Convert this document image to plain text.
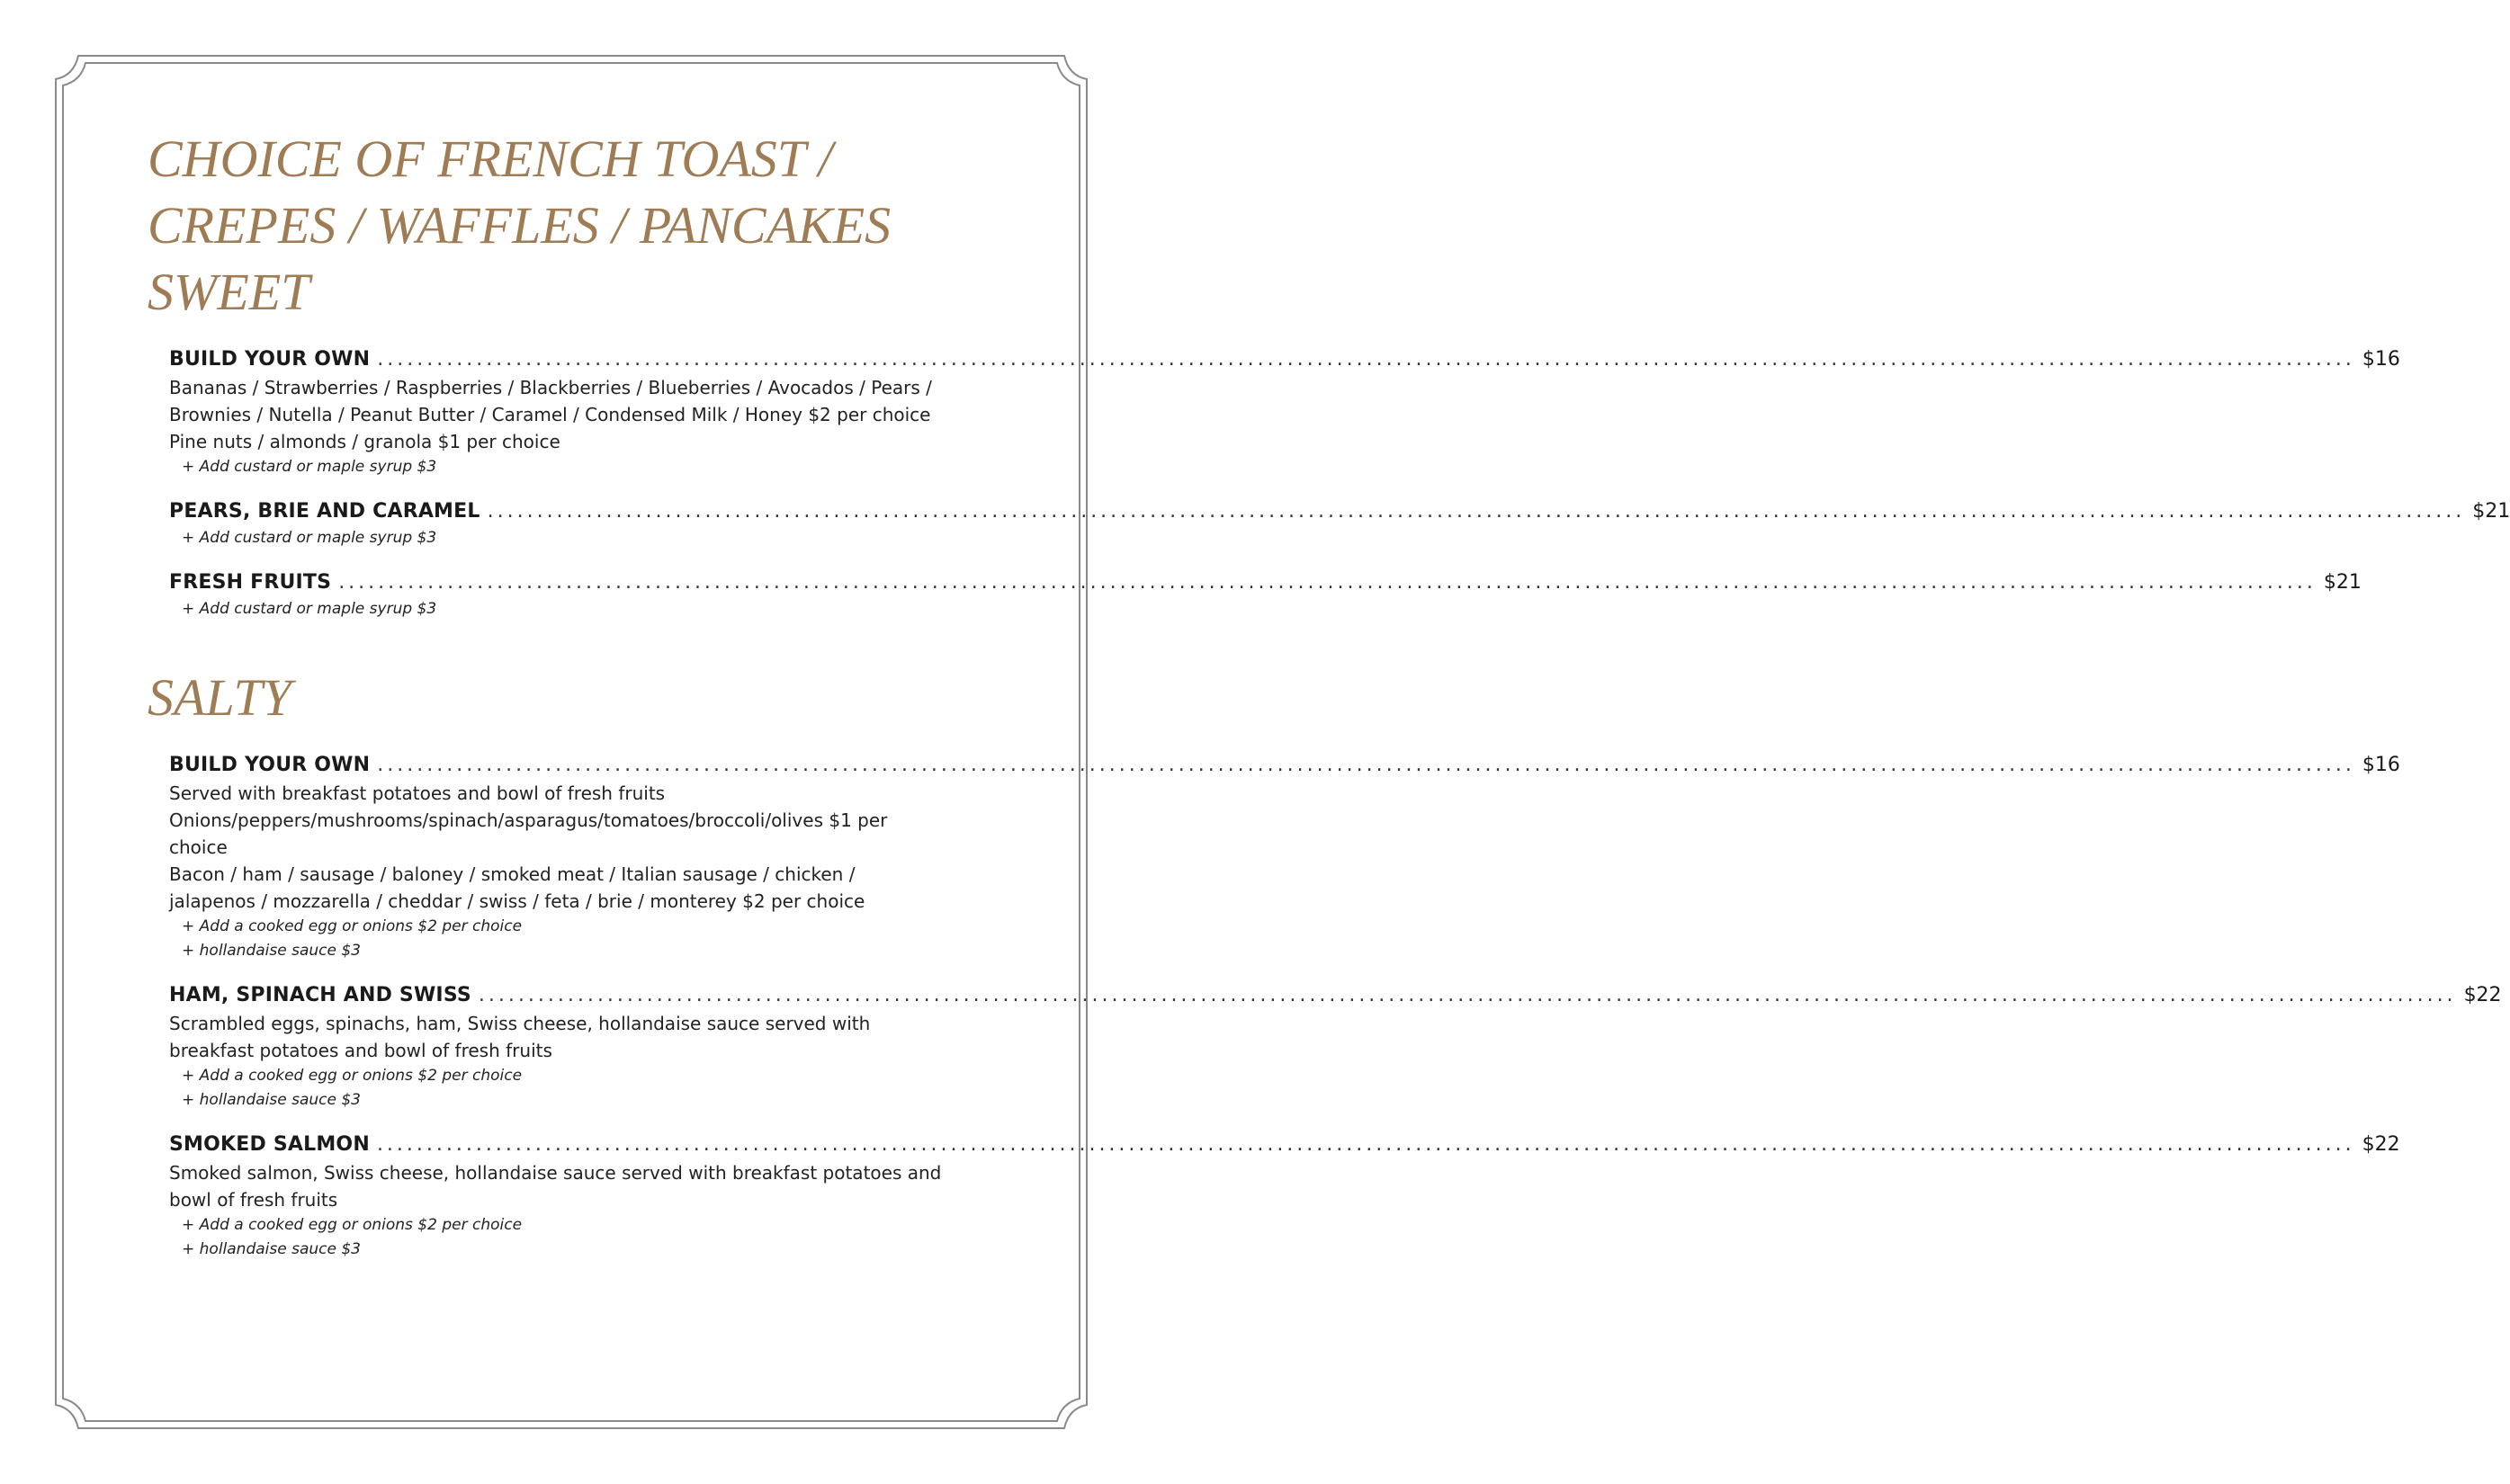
CHOICE OF FRENCH TOAST /
CREPES / WAFFLES / PANCAKES
SWEET
BUILD YOUR OWN ........................................................................................................................................................................................................ $16
Bananas / Strawberries / Raspberries / Blackberries / Blueberries / Avocados / Pears /
Brownies / Nutella / Peanut Butter / Caramel / Condensed Milk / Honey $2 per choice
Pine nuts / almonds / granola $1 per choice
+ Add custard or maple syrup $3
PEARS, BRIE AND CARAMEL ........................................................................................................................................................................................................ $21
+ Add custard or maple syrup $3
FRESH FRUITS ........................................................................................................................................................................................................ $21
+ Add custard or maple syrup $3
SALTY
BUILD YOUR OWN ........................................................................................................................................................................................................ $16
Served with breakfast potatoes and bowl of fresh fruits
Onions/peppers/mushrooms/spinach/asparagus/tomatoes/broccoli/olives $1 per
choice
Bacon / ham / sausage / baloney / smoked meat / Italian sausage / chicken /
jalapenos / mozzarella / cheddar / swiss / feta / brie / monterey $2 per choice
+ Add a cooked egg or onions $2 per choice
+ hollandaise sauce $3
HAM, SPINACH AND SWISS ........................................................................................................................................................................................................ $22
Scrambled eggs, spinachs, ham, Swiss cheese, hollandaise sauce served with
breakfast potatoes and bowl of fresh fruits
+ Add a cooked egg or onions $2 per choice
+ hollandaise sauce $3
SMOKED SALMON ........................................................................................................................................................................................................ $22
Smoked salmon, Swiss cheese, hollandaise sauce served with breakfast potatoes and
bowl of fresh fruits
+ Add a cooked egg or onions $2 per choice
+ hollandaise sauce $3
